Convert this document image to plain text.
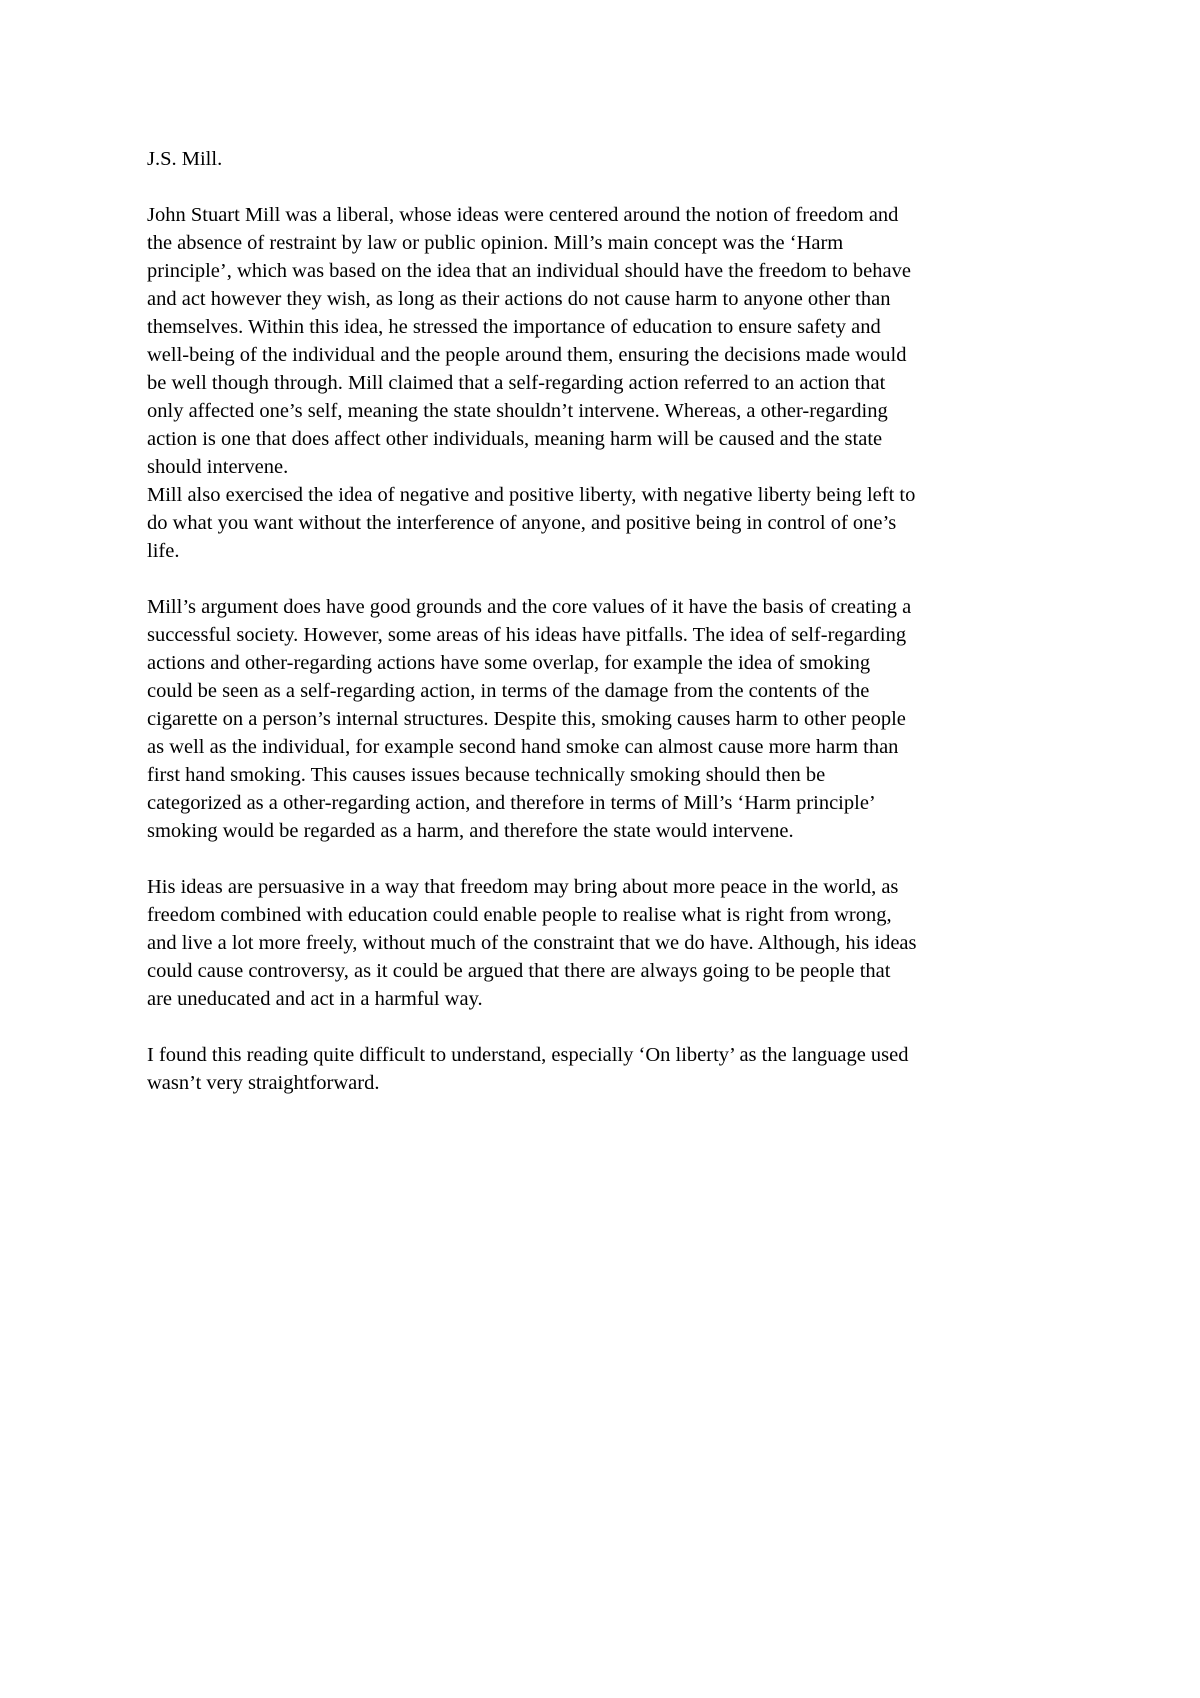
J.S. Mill.
John Stuart Mill was a liberal, whose ideas were centered around the notion of freedom and
the absence of restraint by law or public opinion. Mill’s main concept was the ‘Harm
principle’, which was based on the idea that an individual should have the freedom to behave
and act however they wish, as long as their actions do not cause harm to anyone other than
themselves. Within this idea, he stressed the importance of education to ensure safety and
well-being of the individual and the people around them, ensuring the decisions made would
be well though through. Mill claimed that a self-regarding action referred to an action that
only affected one’s self, meaning the state shouldn’t intervene. Whereas, a other-regarding
action is one that does affect other individuals, meaning harm will be caused and the state
should intervene.
Mill also exercised the idea of negative and positive liberty, with negative liberty being left to
do what you want without the interference of anyone, and positive being in control of one’s
life.
Mill’s argument does have good grounds and the core values of it have the basis of creating a
successful society. However, some areas of his ideas have pitfalls. The idea of self-regarding
actions and other-regarding actions have some overlap, for example the idea of smoking
could be seen as a self-regarding action, in terms of the damage from the contents of the
cigarette on a person’s internal structures. Despite this, smoking causes harm to other people
as well as the individual, for example second hand smoke can almost cause more harm than
first hand smoking. This causes issues because technically smoking should then be
categorized as a other-regarding action, and therefore in terms of Mill’s ‘Harm principle’
smoking would be regarded as a harm, and therefore the state would intervene.
His ideas are persuasive in a way that freedom may bring about more peace in the world, as
freedom combined with education could enable people to realise what is right from wrong,
and live a lot more freely, without much of the constraint that we do have. Although, his ideas
could cause controversy, as it could be argued that there are always going to be people that
are uneducated and act in a harmful way.
I found this reading quite difficult to understand, especially ‘On liberty’ as the language used
wasn’t very straightforward.
